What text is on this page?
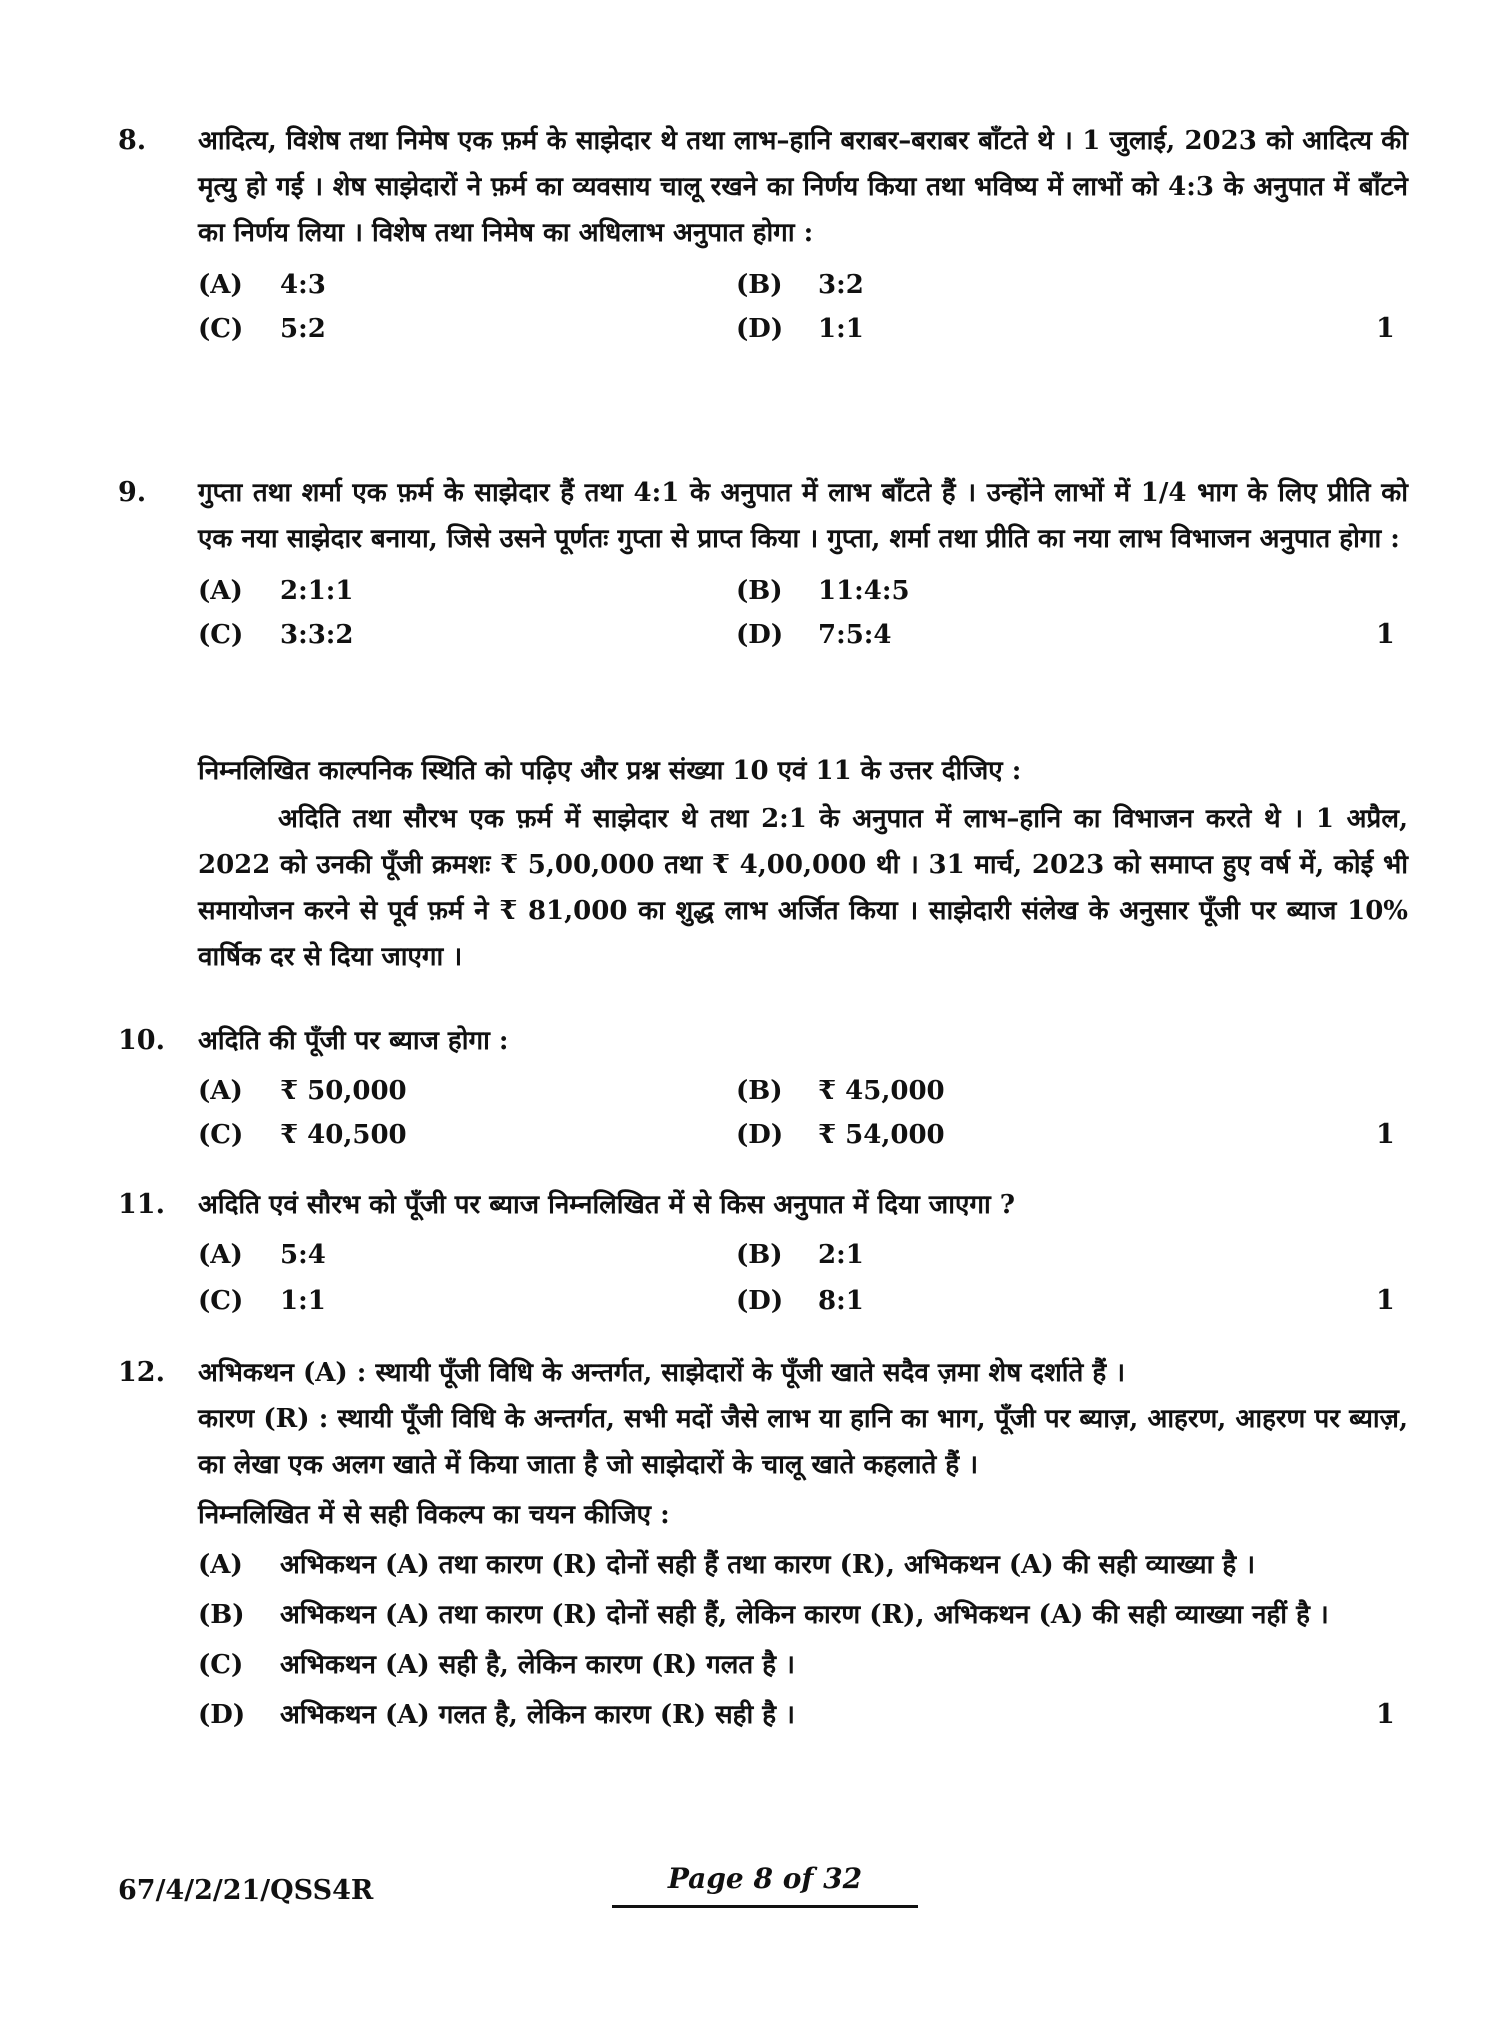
8. आदित्य, विशेष तथा निमेष एक फ़र्म के साझेदार थे तथा लाभ–हानि बराबर–बराबर बाँटते थे । 1 जुलाई, 2023 को आदित्य की मृत्यु हो गई । शेष साझेदारों ने फ़र्म का व्यवसाय चालू रखने का निर्णय किया तथा भविष्य में लाभों को 4:3 के अनुपात में बाँटने का निर्णय लिया । विशेष तथा निमेष का अधिलाभ अनुपात होगा :
(A) 4:3	(B) 3:2
(C) 5:2	(D) 1:1	1
9. गुप्ता तथा शर्मा एक फ़र्म के साझेदार हैं तथा 4:1 के अनुपात में लाभ बाँटते हैं । उन्होंने लाभों में 1/4 भाग के लिए प्रीति को एक नया साझेदार बनाया, जिसे उसने पूर्णतः गुप्ता से प्राप्त किया । गुप्ता, शर्मा तथा प्रीति का नया लाभ विभाजन अनुपात होगा :
(A) 2:1:1	(B) 11:4:5
(C) 3:3:2	(D) 7:5:4	1
निम्नलिखित काल्पनिक स्थिति को पढ़िए और प्रश्न संख्या 10 एवं 11 के उत्तर दीजिए :
अदिति तथा सौरभ एक फ़र्म में साझेदार थे तथा 2:1 के अनुपात में लाभ–हानि का विभाजन करते थे । 1 अप्रैल, 2022 को उनकी पूँजी क्रमशः ₹ 5,00,000 तथा ₹ 4,00,000 थी । 31 मार्च, 2023 को समाप्त हुए वर्ष में, कोई भी समायोजन करने से पूर्व फ़र्म ने ₹ 81,000 का शुद्ध लाभ अर्जित किया । साझेदारी संलेख के अनुसार पूँजी पर ब्याज 10% वार्षिक दर से दिया जाएगा ।
10. अदिति की पूँजी पर ब्याज होगा :
(A) ₹ 50,000	(B) ₹ 45,000
(C) ₹ 40,500	(D) ₹ 54,000	1
11. अदिति एवं सौरभ को पूँजी पर ब्याज निम्नलिखित में से किस अनुपात में दिया जाएगा ?
(A) 5:4	(B) 2:1
(C) 1:1	(D) 8:1	1
12. अभिकथन (A) : स्थायी पूँजी विधि के अन्तर्गत, साझेदारों के पूँजी खाते सदैव ज़मा शेष दर्शाते हैं ।
कारण (R) : स्थायी पूँजी विधि के अन्तर्गत, सभी मदों जैसे लाभ या हानि का भाग, पूँजी पर ब्याज़, आहरण, आहरण पर ब्याज़, का लेखा एक अलग खाते में किया जाता है जो साझेदारों के चालू खाते कहलाते हैं ।
निम्नलिखित में से सही विकल्प का चयन कीजिए :
(A) अभिकथन (A) तथा कारण (R) दोनों सही हैं तथा कारण (R), अभिकथन (A) की सही व्याख्या है ।
(B) अभिकथन (A) तथा कारण (R) दोनों सही हैं, लेकिन कारण (R), अभिकथन (A) की सही व्याख्या नहीं है ।
(C) अभिकथन (A) सही है, लेकिन कारण (R) गलत है ।
(D) अभिकथन (A) गलत है, लेकिन कारण (R) सही है ।	1
67/4/2/21/QSS4R	Page 8 of 32
